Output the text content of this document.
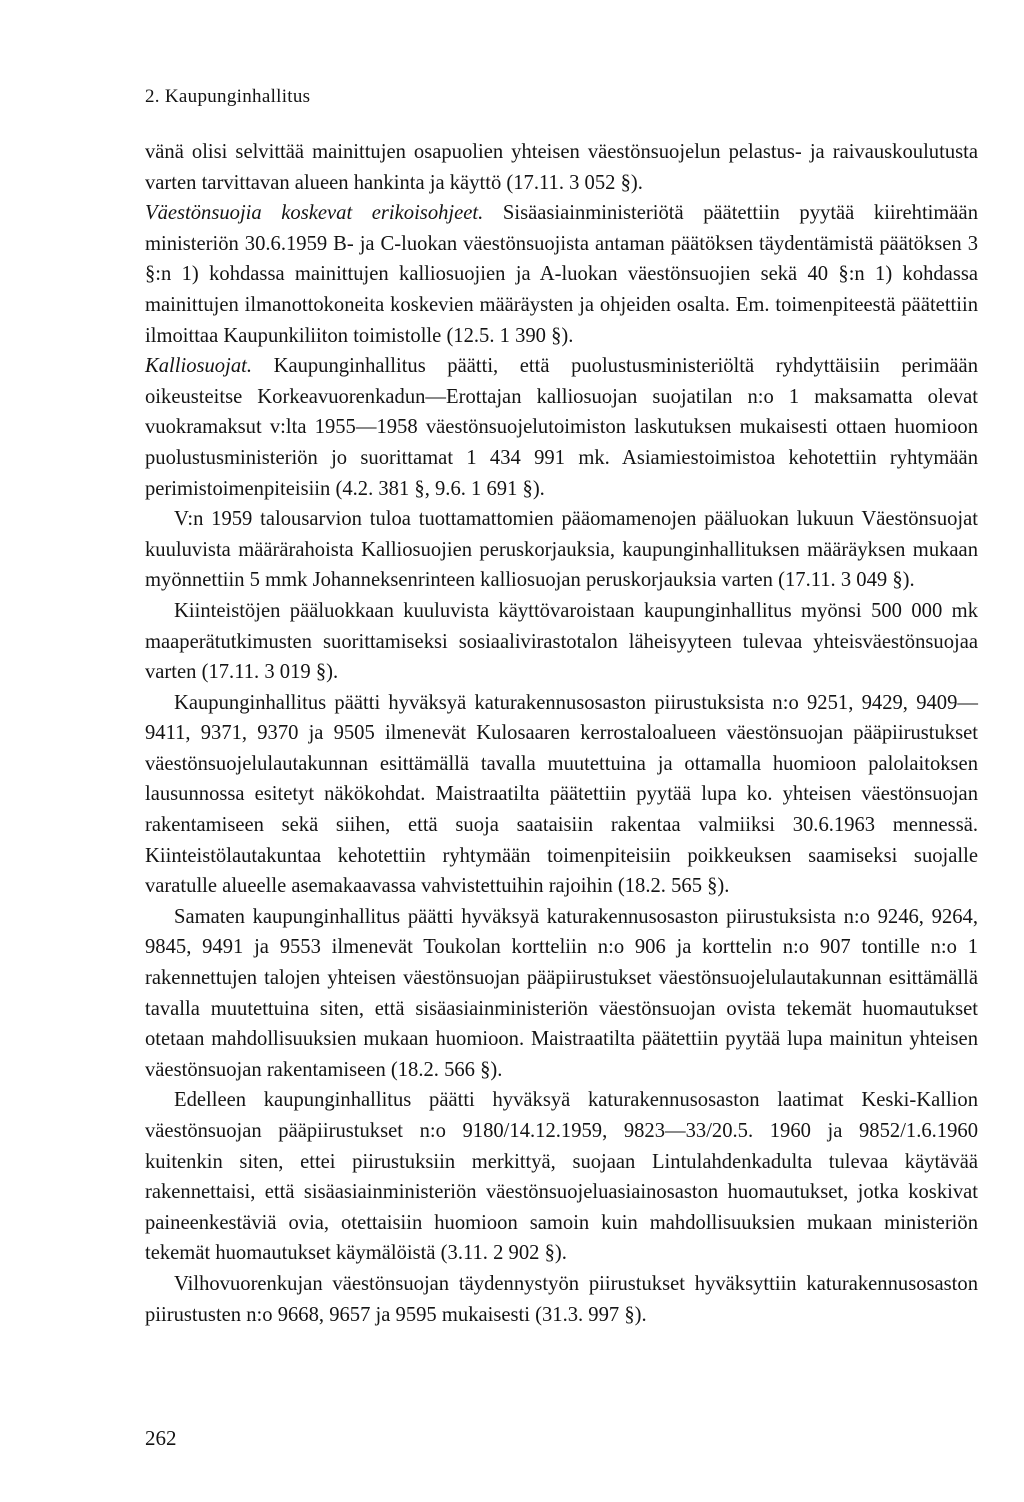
2. Kaupunginhallitus

vänä olisi selvittää mainittujen osapuolien yhteisen väestönsuojelun pelastus- ja raivauskoulutusta varten tarvittavan alueen hankinta ja käyttö (17.11. 3 052 §).

Väestönsuojia koskevat erikoisohjeet. Sisäasiainministeriötä päätettiin pyytää kiirehtimään ministeriön 30.6.1959 B- ja C-luokan väestönsuojista antaman päätöksen täydentämistä päätöksen 3 §:n 1) kohdassa mainittujen kalliosuojien ja A-luokan väestönsuojien sekä 40 §:n 1) kohdassa mainittujen ilmanottokoneita koskevien määräysten ja ohjeiden osalta. Em. toimenpiteestä päätettiin ilmoittaa Kaupunkiliiton toimistolle (12.5. 1 390 §).

Kalliosuojat. Kaupunginhallitus päätti, että puolustusministeriöltä ryhdyttäisiin perimään oikeusteitse Korkeavuorenkadun—Erottajan kalliosuojan suojatilan n:o 1 maksamatta olevat vuokramaksut v:lta 1955—1958 väestönsuojelutoimiston laskutuksen mukaisesti ottaen huomioon puolustusministeriön jo suorittamat 1 434 991 mk. Asiamiestoimistoa kehotettiin ryhtymään perimistoimenpiteisiin (4.2. 381 §, 9.6. 1 691 §).

V:n 1959 talousarvion tuloa tuottamattomien pääomamenojen pääluokan lukuun Väestönsuojat kuuluvista määrärahoista Kalliosuojien peruskorjauksia, kaupunginhallituksen määräyksen mukaan myönnettiin 5 mmk Johanneksenrinteen kalliosuojan peruskorjauksia varten (17.11. 3 049 §).

Kiinteistöjen pääluokkaan kuuluvista käyttövaroistaan kaupunginhallitus myönsi 500 000 mk maaperätutkimusten suorittamiseksi sosiaalivirastotalon läheisyyteen tulevaa yhteisväestönsuojaa varten (17.11. 3 019 §).

Kaupunginhallitus päätti hyväksyä katurakennusosaston piirustuksista n:o 9251, 9429, 9409—9411, 9371, 9370 ja 9505 ilmenevät Kulosaaren kerrostaloalueen väestönsuojan pääpiirustukset väestönsuojelulautakunnan esittämällä tavalla muutettuina ja ottamalla huomioon palolaitoksen lausunnossa esitetyt näkökohdat. Maistraatilta päätettiin pyytää lupa ko. yhteisen väestönsuojan rakentamiseen sekä siihen, että suoja saataisiin rakentaa valmiiksi 30.6.1963 mennessä. Kiinteistölautakuntaa kehotettiin ryhtymään toimenpiteisiin poikkeuksen saamiseksi suojalle varatulle alueelle asemakaavassa vahvistettuihin rajoihin (18.2. 565 §).

Samaten kaupunginhallitus päätti hyväksyä katurakennusosaston piirustuksista n:o 9246, 9264, 9845, 9491 ja 9553 ilmenevät Toukolan kortteliin n:o 906 ja korttelin n:o 907 tontille n:o 1 rakennettujen talojen yhteisen väestönsuojan pääpiirustukset väestönsuojelulautakunnan esittämällä tavalla muutettuina siten, että sisäasiainministeriön väestönsuojan ovista tekemät huomautukset otetaan mahdollisuuksien mukaan huomioon. Maistraatilta päätettiin pyytää lupa mainitun yhteisen väestönsuojan rakentamiseen (18.2. 566 §).

Edelleen kaupunginhallitus päätti hyväksyä katurakennusosaston laatimat Keski-Kallion väestönsuojan pääpiirustukset n:o 9180/14.12.1959, 9823—33/20.5. 1960 ja 9852/1.6.1960 kuitenkin siten, ettei piirustuksiin merkittyä, suojaan Lintulahdenkadulta tulevaa käytävää rakennettaisi, että sisäasiainministeriön väestönsuojeluasiainosaston huomautukset, jotka koskivat paineenkestäviä ovia, otettaisiin huomioon samoin kuin mahdollisuuksien mukaan ministeriön tekemät huomautukset käymälöistä (3.11. 2 902 §).

Vilhovuorenkujan väestönsuojan täydennystyön piirustukset hyväksyttiin katurakennusosaston piirustusten n:o 9668, 9657 ja 9595 mukaisesti (31.3. 997 §).

262
